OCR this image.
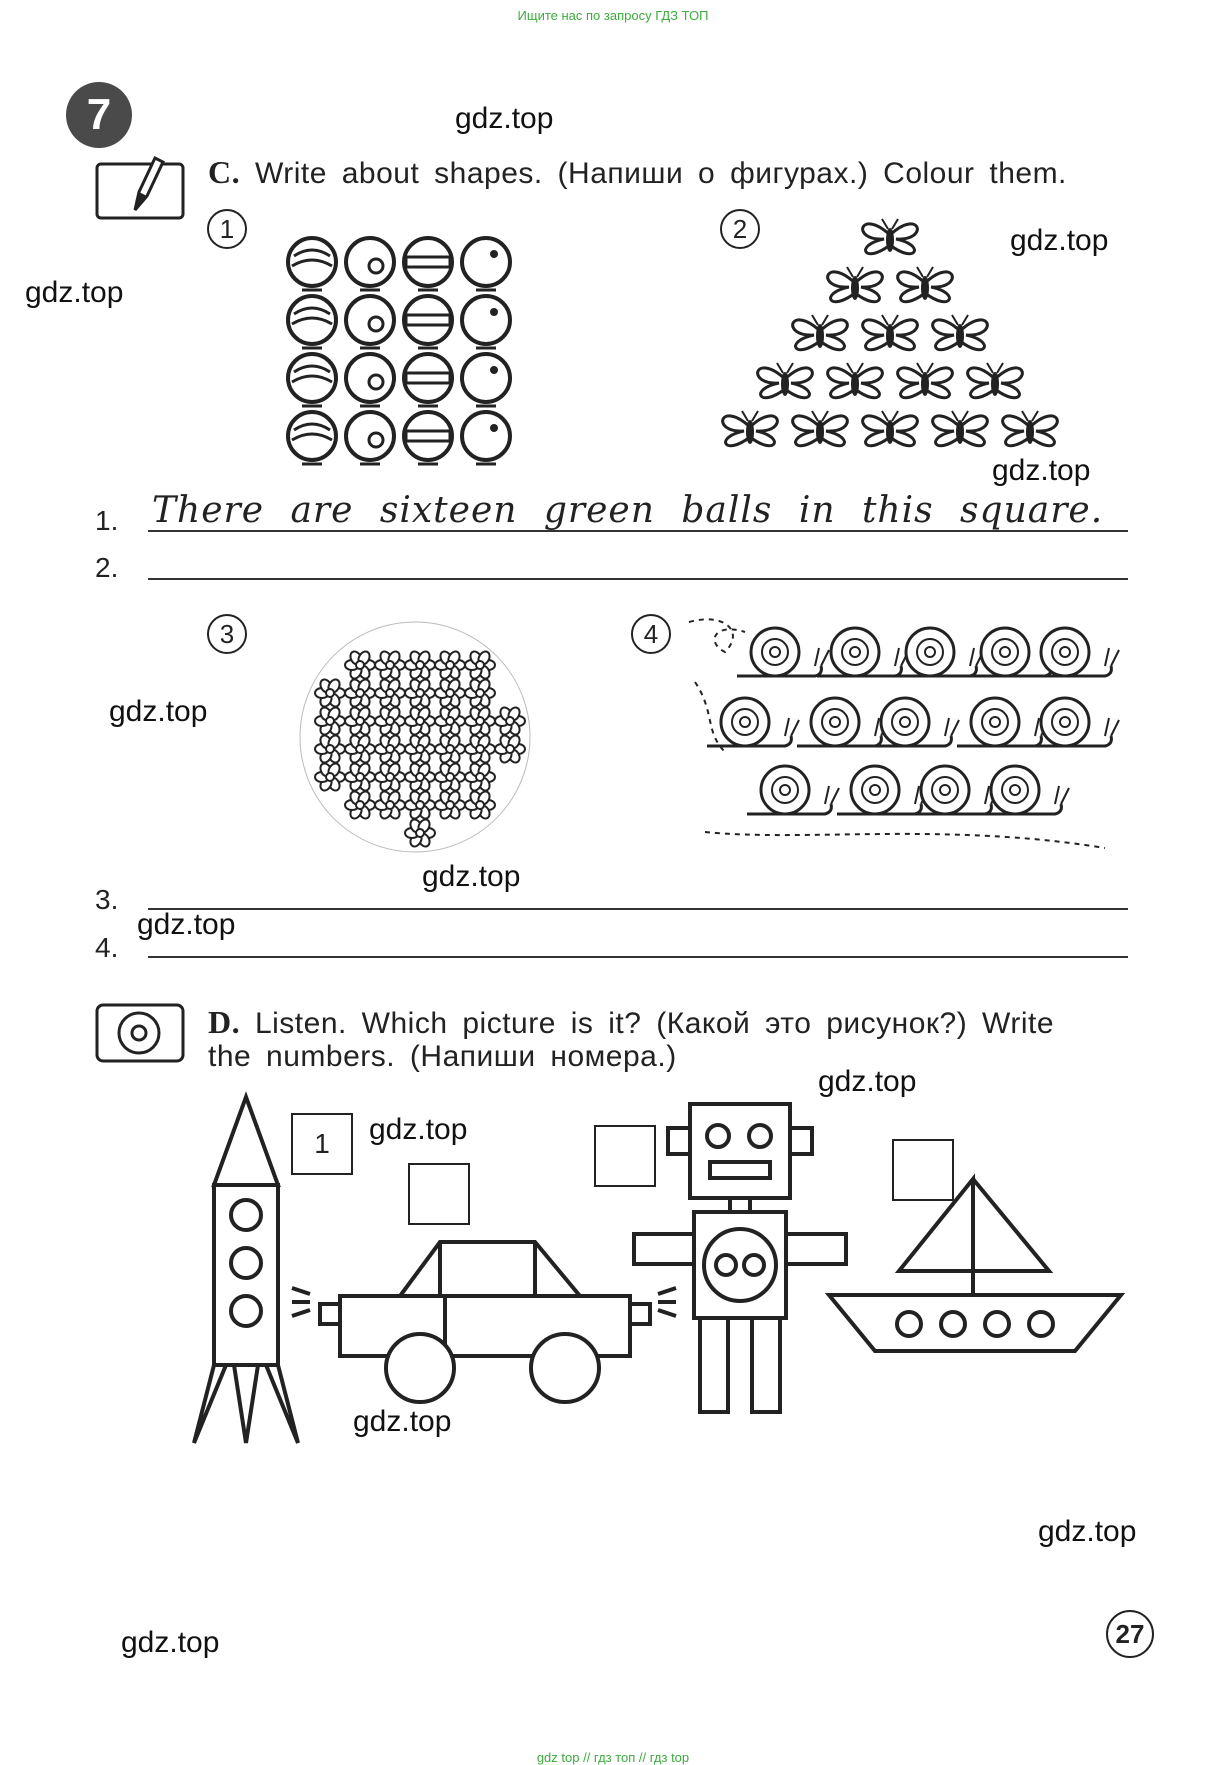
Ищите нас по запросу ГДЗ ТОП
gdz top // гдз топ // гдз top
7	gdz.top
gdz.top
gdz.top
gdz.top
gdz.top
gdz.top
gdz.top
gdz.top
gdz.top
gdz.top
gdz.top
gdz.top
C. Write about shapes. (Напиши о фигурах.) Colour them.
1	2
3	4
1. There are sixteen green balls in this square.
2.
3.
4.
D. Listen. Which picture is it? (Какой это рисунок?) Write
the numbers. (Напиши номера.)
1
27
